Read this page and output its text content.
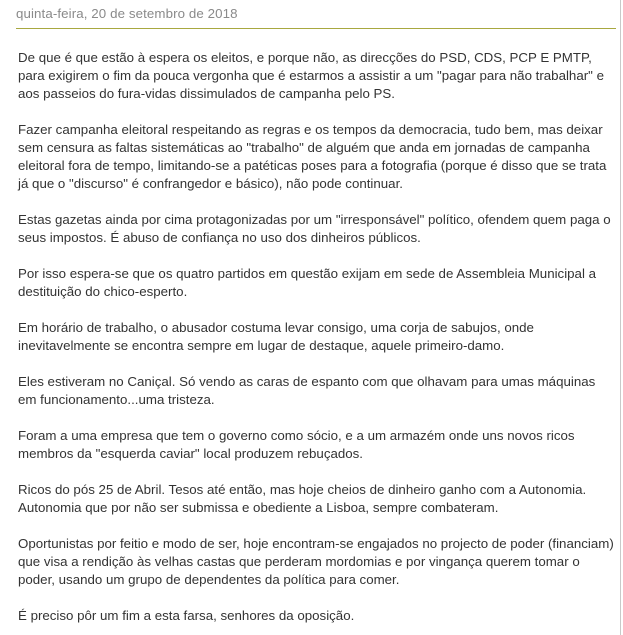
quinta-feira, 20 de setembro de 2018

De que é que estão à espera os eleitos, e porque não, as direcções do PSD, CDS, PCP E PMTP, para exigirem o fim da pouca vergonha que é estarmos a assistir a um "pagar para não trabalhar" e aos passeios do fura-vidas dissimulados de campanha pelo PS.

Fazer campanha eleitoral respeitando as regras e os tempos da democracia, tudo bem, mas deixar sem censura as faltas sistemáticas ao "trabalho" de alguém que anda em jornadas de campanha eleitoral fora de tempo, limitando-se a patéticas poses para a fotografia (porque é disso que se trata já que o "discurso" é confrangedor e básico), não pode continuar.

Estas gazetas ainda por cima protagonizadas por um "irresponsável" político, ofendem quem paga o seus impostos. É abuso de confiança no uso dos dinheiros públicos.

Por isso espera-se que os quatro partidos em questão exijam em sede de Assembleia Municipal a destituição do chico-esperto.

Em horário de trabalho, o abusador costuma levar consigo, uma corja de sabujos, onde inevitavelmente se encontra sempre em lugar de destaque, aquele primeiro-damo.

Eles estiveram no Caniçal. Só vendo as caras de espanto com que olhavam para umas máquinas em funcionamento...uma tristeza.

Foram a uma empresa que tem o governo como sócio, e a um armazém onde uns novos ricos membros da "esquerda caviar" local produzem rebuçados.

Ricos do pós 25 de Abril. Tesos até então, mas hoje cheios de dinheiro ganho com a Autonomia. Autonomia que por não ser submissa e obediente a Lisboa, sempre combateram.

Oportunistas por feitio e modo de ser, hoje encontram-se engajados no projecto de poder (financiam) que visa a rendição às velhas castas que perderam mordomias e por vingança querem tomar o poder, usando um grupo de dependentes da política para comer.

É preciso pôr um fim a esta farsa, senhores da oposição.
